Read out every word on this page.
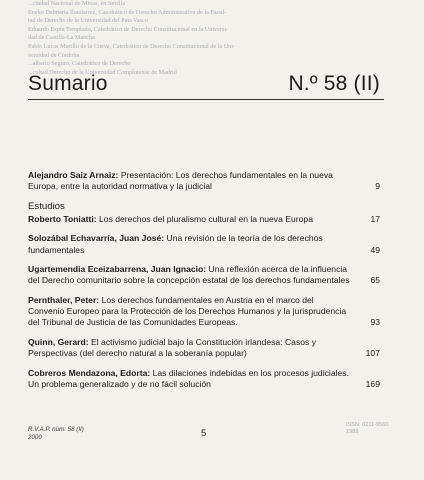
...ciudad Nacional de Minas, en Sevilla
Eneko Delmaria Ilundarrez, Catedrático de Derecho Administrativo de la Facul-
tad de Derecho de la Universidad del País Vasco
Eduardo Espín Templado, Catedrático de Derecho Constitucional en la Universi-
dad de Castilla-La Mancha
Pablo Lucas Murillo de la Cueva, Catedrático de Derecho Constitucional de la Uni-
versidad de Córdoba
...alberto Seguro, Catedrático de Derecho
...cultad Derecho de la Universidad Complutense de Madrid
Sumario	N.º 58 (II)
Alejandro Saiz Arnaiz: Presentación: Los derechos fundamentales en la nueva Europa, entre la autoridad normativa y la judicial	9
Estudios
Roberto Toniatti: Los derechos del pluralismo cultural en la nueva Europa	17
Solozábal Echavarría, Juan José: Una revisión de la teoría de los derechos fundamentales	49
Ugartemendia Eceizabarrena, Juan Ignacio: Una reflexión acerca de la influencia del Derecho comunitario sobre la concepción estatal de los derechos fundamentales 65
Pernthaler, Peter: Los derechos fundamentales en Austria en el marco del Convenio Europeo para la Protección de los Derechos Humanos y la jurisprudencia del Tribunal de Justicia de las Comunidades Europeas.	93
Quinn, Gerard: El activismo judicial bajo la Constitución irlandesa: Casos y Perspectivas (del derecho natural a la soberanía popular)	107
Cobreros Mendazona, Edorta: Las dilaciones indebidas en los procesos judiciales. Un problema generalizado y de no fácil solución	169
R.V.A.P. núm. 58 (II)
2000	5
ISSN: 0211-9560
1989
